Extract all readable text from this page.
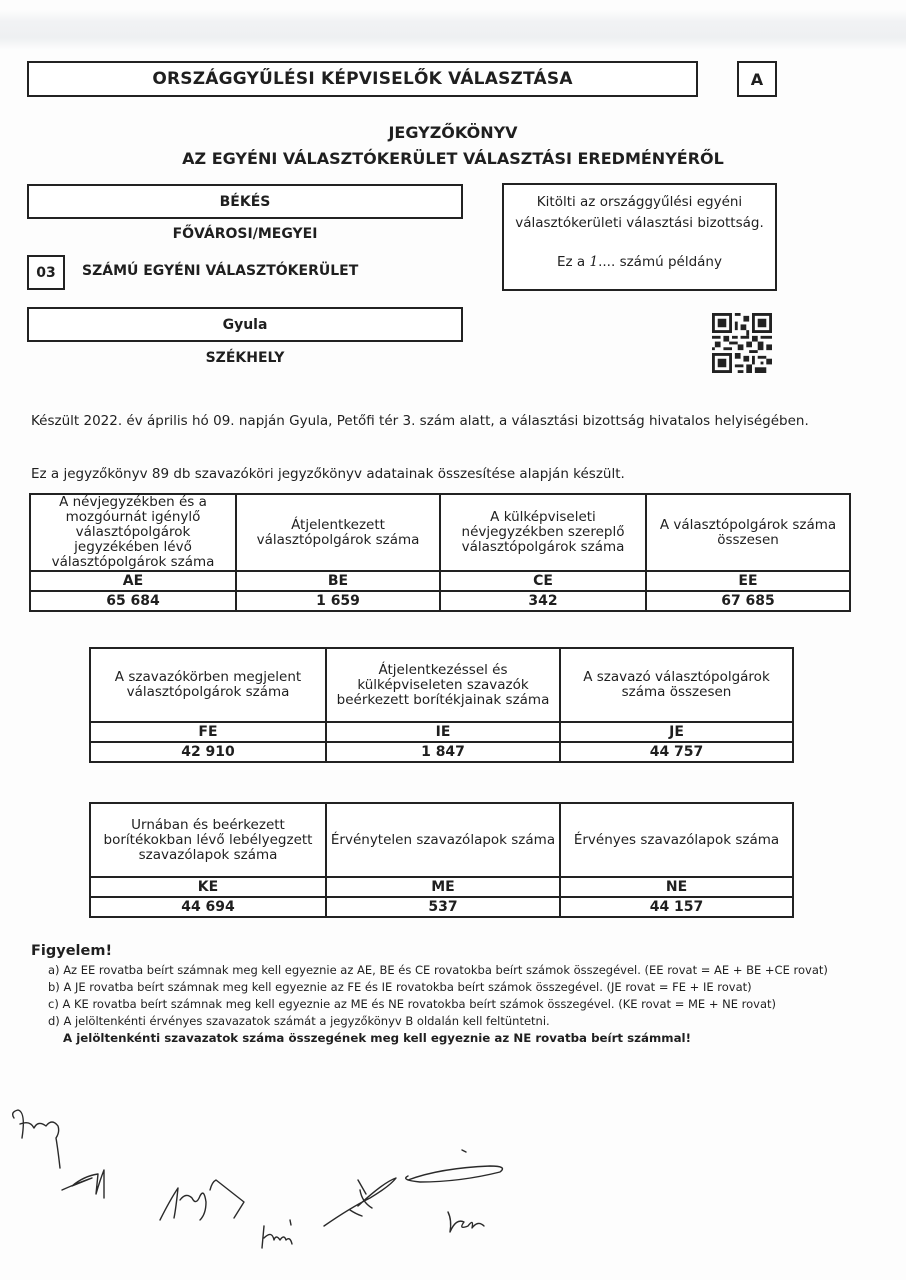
ORSZÁGGYŰLÉSI KÉPVISELŐK VÁLASZTÁSA	A
JEGYZŐKÖNYV
AZ EGYÉNI VÁLASZTÓKERÜLET VÁLASZTÁSI EREDMÉNYÉRŐL
BÉKÉS
FŐVÁROSI/MEGYEI
03	SZÁMÚ EGYÉNI VÁLASZTÓKERÜLET
Gyula
SZÉKHELY
Kitölti az országgyűlési egyéni
választókerületi választási bizottság.
Ez a 1.... számú példány
Készült 2022. év április hó 09. napján Gyula, Petőfi tér 3. szám alatt, a választási bizottság hivatalos helyiségében.
Ez a jegyzőkönyv 89 db szavazóköri jegyzőkönyv adatainak összesítése alapján készült.
A névjegyzékben és a mozgóurnát igénylő választópolgárok jegyzékében lévő választópolgárok száma	Átjelentkezett választópolgárok száma	A külképviseleti névjegyzékben szereplő választópolgárok száma	A választópolgárok száma összesen
AE	BE	CE	EE
65 684	1 659	342	67 685
A szavazókörben megjelent választópolgárok száma	Átjelentkezéssel és külképviseleten szavazók beérkezett borítékjainak száma	A szavazó választópolgárok száma összesen
FE	IE	JE
42 910	1 847	44 757
Urnában és beérkezett borítékokban lévő lebélyegzett szavazólapok száma	Érvénytelen szavazólapok száma	Érvényes szavazólapok száma
KE	ME	NE
44 694	537	44 157
Figyelem!
a) Az EE rovatba beírt számnak meg kell egyeznie az AE, BE és CE rovatokba beírt számok összegével. (EE rovat = AE + BE +CE rovat)
b) A JE rovatba beírt számnak meg kell egyeznie az FE és IE rovatokba beírt számok összegével. (JE rovat = FE + IE rovat)
c) A KE rovatba beírt számnak meg kell egyeznie az ME és NE rovatokba beírt számok összegével. (KE rovat = ME + NE rovat)
d) A jelöltenkénti érvényes szavazatok számát a jegyzőkönyv B oldalán kell feltüntetni.
A jelöltenkénti szavazatok száma összegének meg kell egyeznie az NE rovatba beírt számmal!
